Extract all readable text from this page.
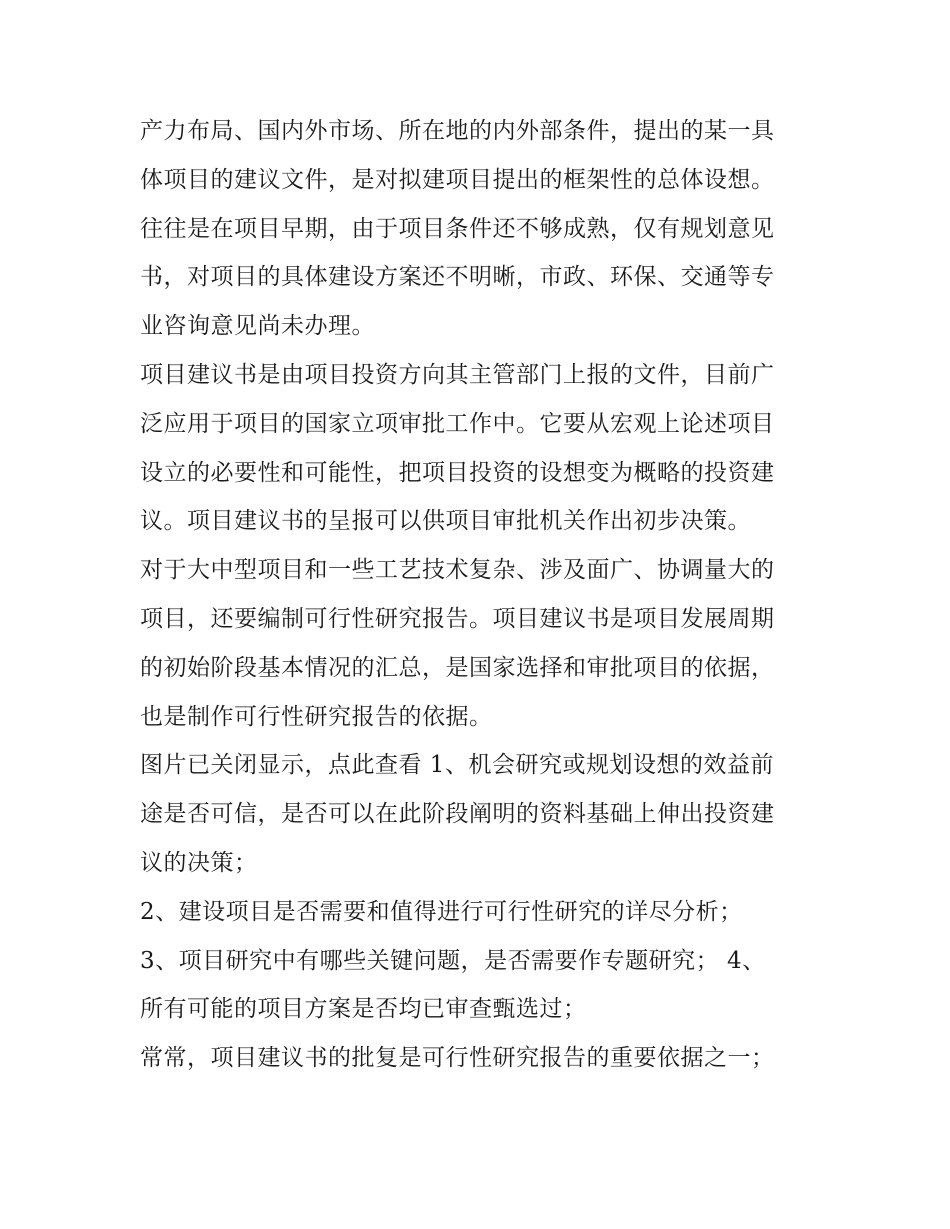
产力布局、国内外市场、所在地的内外部条件，提出的某一具
体项目的建议文件，是对拟建项目提出的框架性的总体设想。
往往是在项目早期，由于项目条件还不够成熟，仅有规划意见
书，对项目的具体建设方案还不明晰，市政、环保、交通等专
业咨询意见尚未办理。
项目建议书是由项目投资方向其主管部门上报的文件，目前广
泛应用于项目的国家立项审批工作中。它要从宏观上论述项目
设立的必要性和可能性，把项目投资的设想变为概略的投资建
议。项目建议书的呈报可以供项目审批机关作出初步决策。
对于大中型项目和一些工艺技术复杂、涉及面广、协调量大的
项目，还要编制可行性研究报告。项目建议书是项目发展周期
的初始阶段基本情况的汇总，是国家选择和审批项目的依据，
也是制作可行性研究报告的依据。
图片已关闭显示，点此查看 1、机会研究或规划设想的效益前
途是否可信，是否可以在此阶段阐明的资料基础上伸出投资建
议的决策；
2、建设项目是否需要和值得进行可行性研究的详尽分析；
3、项目研究中有哪些关键问题，是否需要作专题研究； 4、
所有可能的项目方案是否均已审查甄选过；
常常，项目建议书的批复是可行性研究报告的重要依据之一；
